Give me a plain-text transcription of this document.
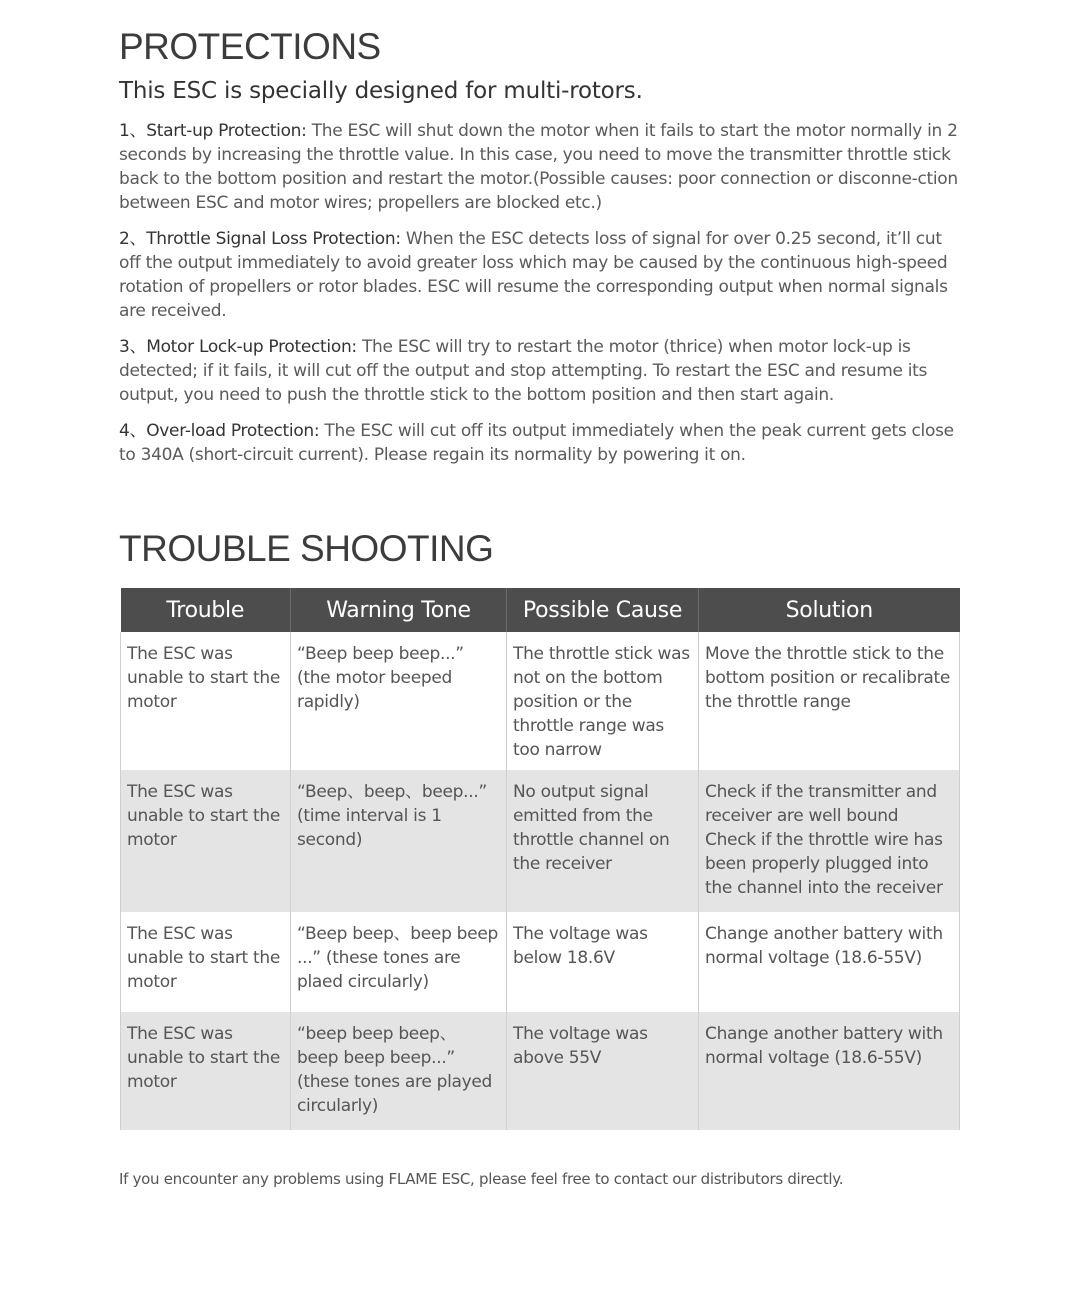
PROTECTIONS
This ESC is specially designed for multi-rotors.

1、Start-up Protection: The ESC will shut down the motor when it fails to start the motor normally in 2 seconds by increasing the throttle value. In this case, you need to move the transmitter throttle stick back to the bottom position and restart the motor.(Possible causes: poor connection or disconne-ction between ESC and motor wires; propellers are blocked etc.)

2、Throttle Signal Loss Protection: When the ESC detects loss of signal for over 0.25 second, it’ll cut off the output immediately to avoid greater loss which may be caused by the continuous high-speed rotation of propellers or rotor blades. ESC will resume the corresponding output when normal signals are received.

3、Motor Lock-up Protection: The ESC will try to restart the motor (thrice) when motor lock-up is detected; if it fails, it will cut off the output and stop attempting. To restart the ESC and resume its output, you need to push the throttle stick to the bottom position and then start again.

4、Over-load Protection: The ESC will cut off its output immediately when the peak current gets close to 340A (short-circuit current). Please regain its normality by powering it on.

TROUBLE SHOOTING
Trouble	Warning Tone	Possible Cause	Solution
The ESC was unable to start the motor	“Beep beep beep...” (the motor beeped rapidly)	The throttle stick was not on the bottom position or the throttle range was too narrow	Move the throttle stick to the bottom position or recalibrate the throttle range
The ESC was unable to start the motor	“Beep、beep、beep...” (time interval is 1 second)	No output signal emitted from the throttle channel on the receiver	Check if the transmitter and receiver are well bound Check if the throttle wire has been properly plugged into the channel into the receiver
The ESC was unable to start the motor	“Beep beep、beep beep ...” (these tones are plaed circularly)	The voltage was below 18.6V	Change another battery with normal voltage (18.6-55V)
The ESC was unable to start the motor	“beep beep beep、 beep beep beep...” (these tones are played circularly)	The voltage was above 55V	Change another battery with normal voltage (18.6-55V)

If you encounter any problems using FLAME ESC, please feel free to contact our distributors directly.
